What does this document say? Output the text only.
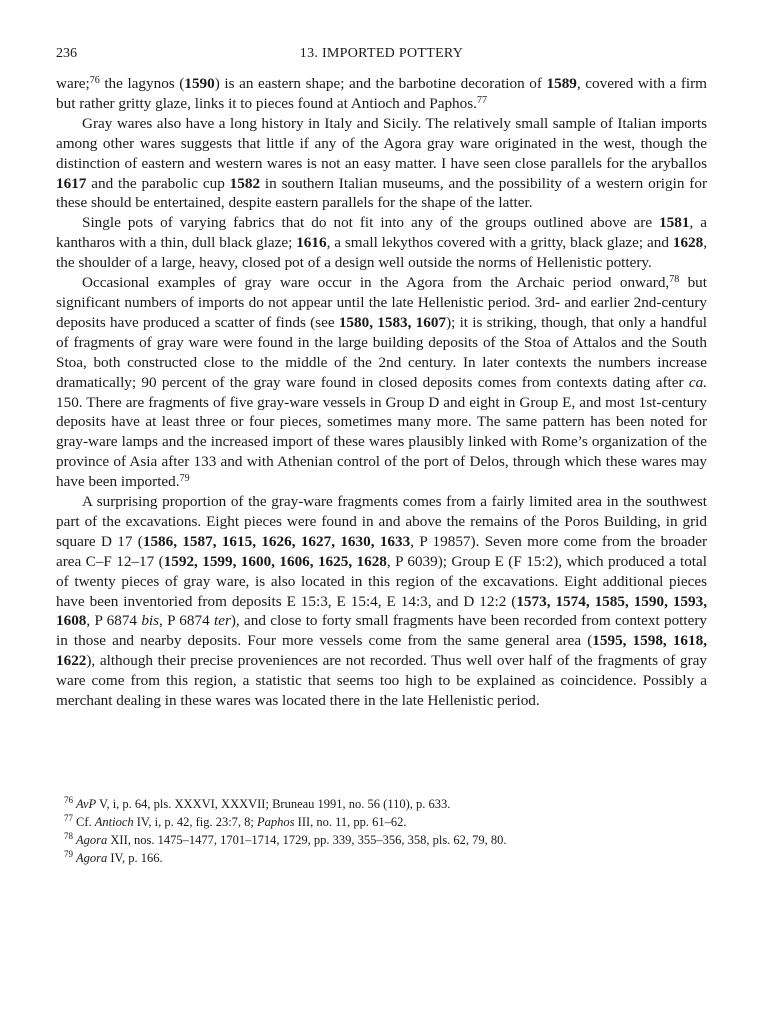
236	13. IMPORTED POTTERY

ware;$^{76}$ the lagynos (1590) is an eastern shape; and the barbotine decoration of 1589, covered with a firm but rather gritty glaze, links it to pieces found at Antioch and Paphos.$^{77}$

Gray wares also have a long history in Italy and Sicily. The relatively small sample of Italian imports among other wares suggests that little if any of the Agora gray ware originated in the west, though the distinction of eastern and western wares is not an easy matter. I have seen close parallels for the aryballos 1617 and the parabolic cup 1582 in southern Italian museums, and the possibility of a western origin for these should be entertained, despite eastern parallels for the shape of the latter.

Single pots of varying fabrics that do not fit into any of the groups outlined above are 1581, a kantharos with a thin, dull black glaze; 1616, a small lekythos covered with a gritty, black glaze; and 1628, the shoulder of a large, heavy, closed pot of a design well outside the norms of Hellenistic pottery.

Occasional examples of gray ware occur in the Agora from the Archaic period onward,$^{78}$ but significant numbers of imports do not appear until the late Hellenistic period. 3rd- and earlier 2nd-century deposits have produced a scatter of finds (see 1580, 1583, 1607); it is striking, though, that only a handful of fragments of gray ware were found in the large building deposits of the Stoa of Attalos and the South Stoa, both constructed close to the middle of the 2nd century. In later contexts the numbers increase dramatically; 90 percent of the gray ware found in closed deposits comes from contexts dating after ca. 150. There are fragments of five gray-ware vessels in Group D and eight in Group E, and most 1st-century deposits have at least three or four pieces, sometimes many more. The same pattern has been noted for gray-ware lamps and the increased import of these wares plausibly linked with Rome’s organization of the province of Asia after 133 and with Athenian control of the port of Delos, through which these wares may have been imported.$^{79}$

A surprising proportion of the gray-ware fragments comes from a fairly limited area in the southwest part of the excavations. Eight pieces were found in and above the remains of the Poros Building, in grid square D 17 (1586, 1587, 1615, 1626, 1627, 1630, 1633, P 19857). Seven more come from the broader area C–F 12–17 (1592, 1599, 1600, 1606, 1625, 1628, P 6039); Group E (F 15:2), which produced a total of twenty pieces of gray ware, is also located in this region of the excavations. Eight additional pieces have been inventoried from deposits E 15:3, E 15:4, E 14:3, and D 12:2 (1573, 1574, 1585, 1590, 1593, 1608, P 6874 bis, P 6874 ter), and close to forty small fragments have been recorded from context pottery in those and nearby deposits. Four more vessels come from the same general area (1595, 1598, 1618, 1622), although their precise proveniences are not recorded. Thus well over half of the fragments of gray ware come from this region, a statistic that seems too high to be explained as coincidence. Possibly a merchant dealing in these wares was located there in the late Hellenistic period.

76 AvP V, i, p. 64, pls. XXXVI, XXXVII; Bruneau 1991, no. 56 (110), p. 633.
77 Cf. Antioch IV, i, p. 42, fig. 23:7, 8; Paphos III, no. 11, pp. 61–62.
78 Agora XII, nos. 1475–1477, 1701–1714, 1729, pp. 339, 355–356, 358, pls. 62, 79, 80.
79 Agora IV, p. 166.
